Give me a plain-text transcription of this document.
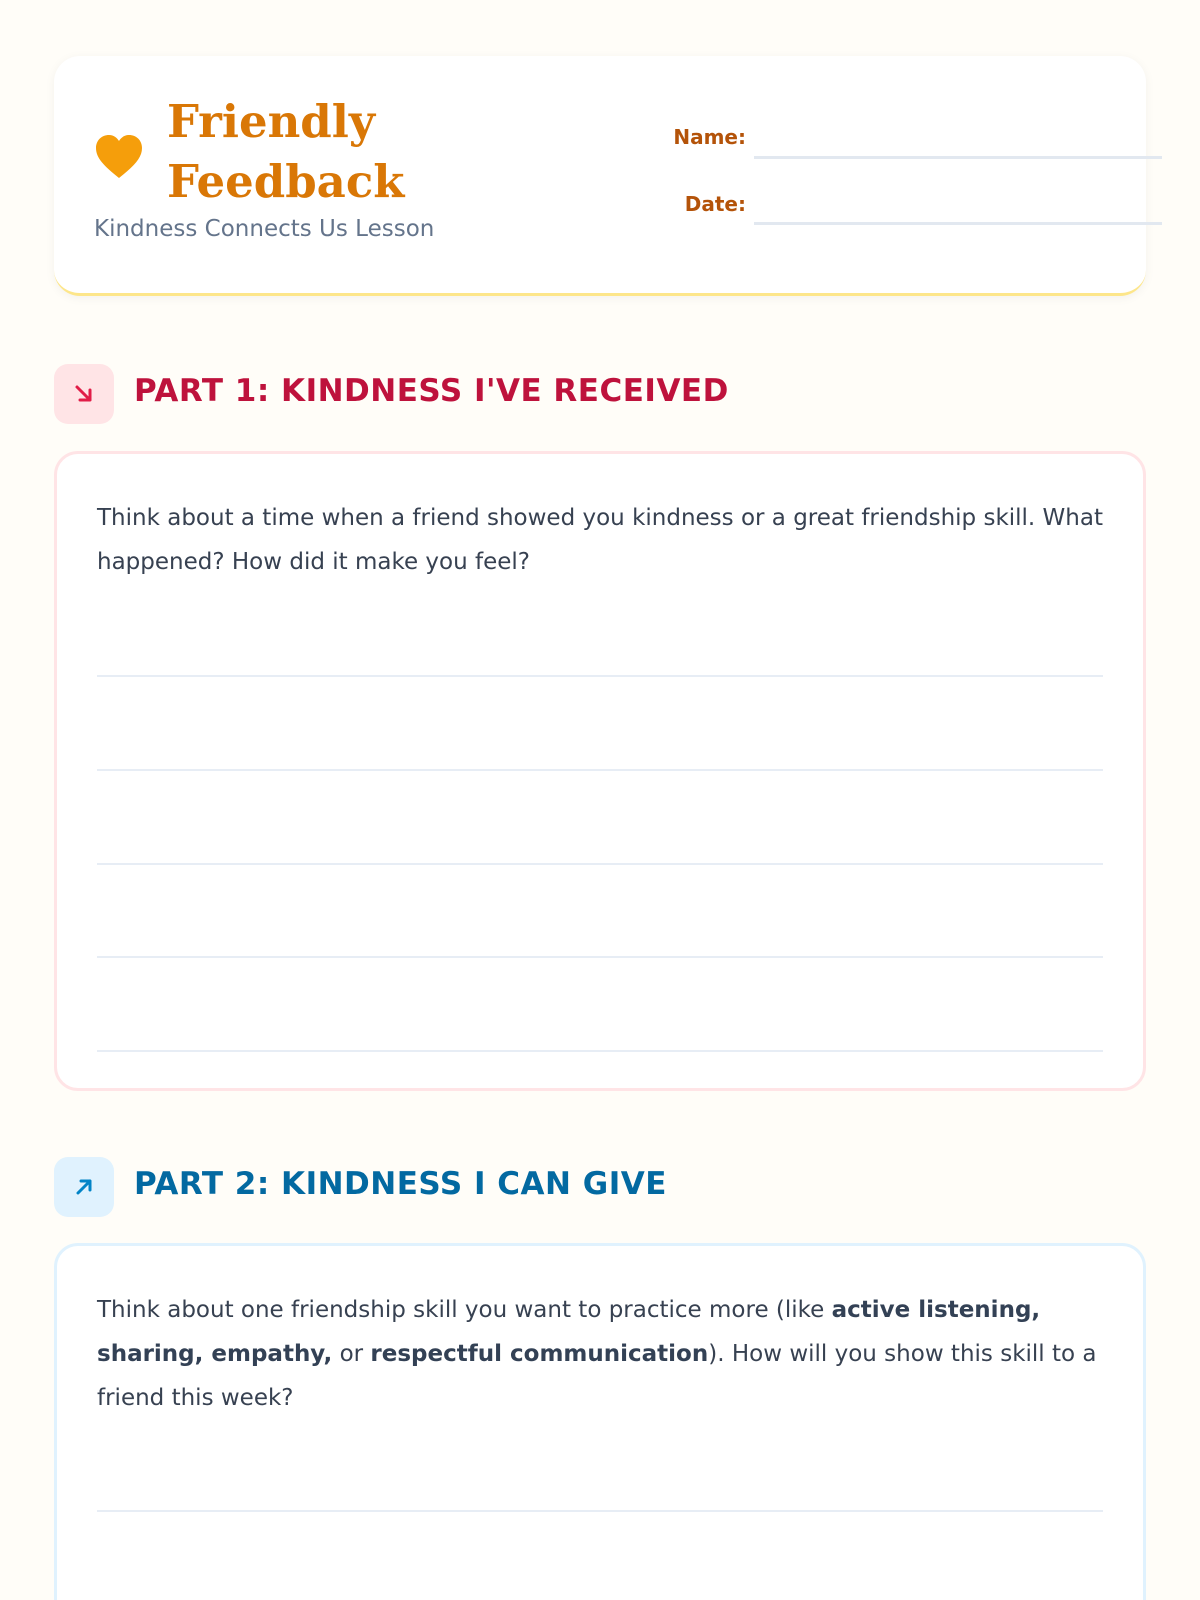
Friendly Feedback
Kindness Connects Us Lesson
Name:
Date:
PART 1: KINDNESS I'VE RECEIVED
Think about a time when a friend showed you kindness or a great friendship skill. What happened? How did it make you feel?
PART 2: KINDNESS I CAN GIVE
Think about one friendship skill you want to practice more (like active listening, sharing, empathy, or respectful communication). How will you show this skill to a friend this week?
